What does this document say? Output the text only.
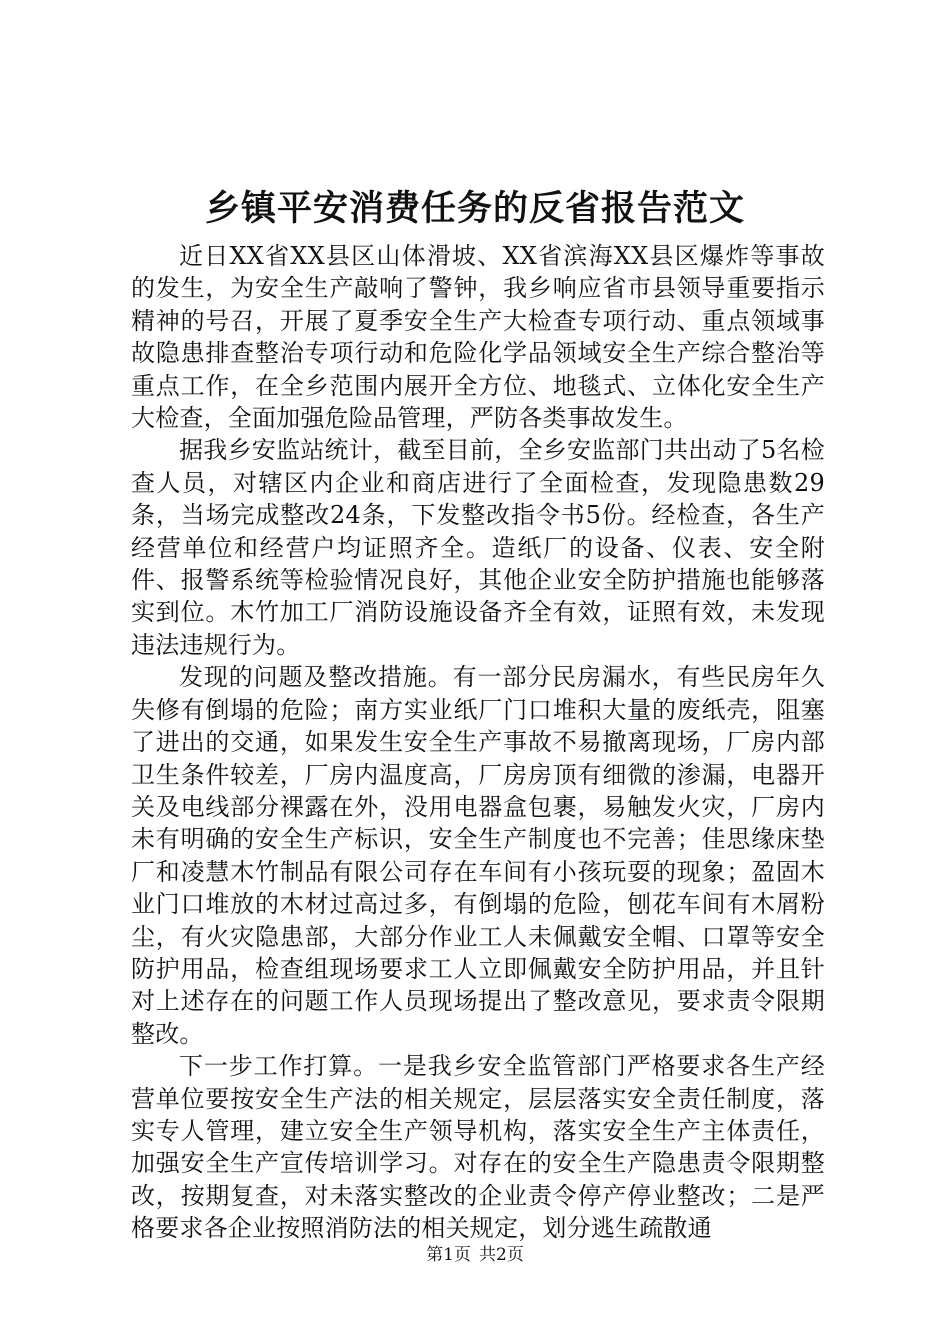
乡镇平安消费任务的反省报告范文

近日XX省XX县区山体滑坡、XX省滨海XX县区爆炸等事故的发生，为安全生产敲响了警钟，我乡响应省市县领导重要指示精神的号召，开展了夏季安全生产大检查专项行动、重点领域事故隐患排查整治专项行动和危险化学品领域安全生产综合整治等重点工作，在全乡范围内展开全方位、地毯式、立体化安全生产大检查，全面加强危险品管理，严防各类事故发生。

据我乡安监站统计，截至目前，全乡安监部门共出动了5名检查人员，对辖区内企业和商店进行了全面检查，发现隐患数29条，当场完成整改24条，下发整改指令书5份。经检查，各生产经营单位和经营户均证照齐全。造纸厂的设备、仪表、安全附件、报警系统等检验情况良好，其他企业安全防护措施也能够落实到位。木竹加工厂消防设施设备齐全有效，证照有效，未发现违法违规行为。

发现的问题及整改措施。有一部分民房漏水，有些民房年久失修有倒塌的危险；南方实业纸厂门口堆积大量的废纸壳，阻塞了进出的交通，如果发生安全生产事故不易撤离现场，厂房内部卫生条件较差，厂房内温度高，厂房房顶有细微的渗漏，电器开关及电线部分裸露在外，没用电器盒包裹，易触发火灾，厂房内未有明确的安全生产标识，安全生产制度也不完善；佳思缘床垫厂和凌慧木竹制品有限公司存在车间有小孩玩耍的现象；盈固木业门口堆放的木材过高过多，有倒塌的危险，刨花车间有木屑粉尘，有火灾隐患部，大部分作业工人未佩戴安全帽、口罩等安全防护用品，检查组现场要求工人立即佩戴安全防护用品，并且针对上述存在的问题工作人员现场提出了整改意见，要求责令限期整改。

下一步工作打算。一是我乡安全监管部门严格要求各生产经营单位要按安全生产法的相关规定，层层落实安全责任制度，落实专人管理，建立安全生产领导机构，落实安全生产主体责任，加强安全生产宣传培训学习。对存在的安全生产隐患责令限期整改，按期复查，对未落实整改的企业责令停产停业整改；二是严格要求各企业按照消防法的相关规定，划分逃生疏散通

第1页 共2页
